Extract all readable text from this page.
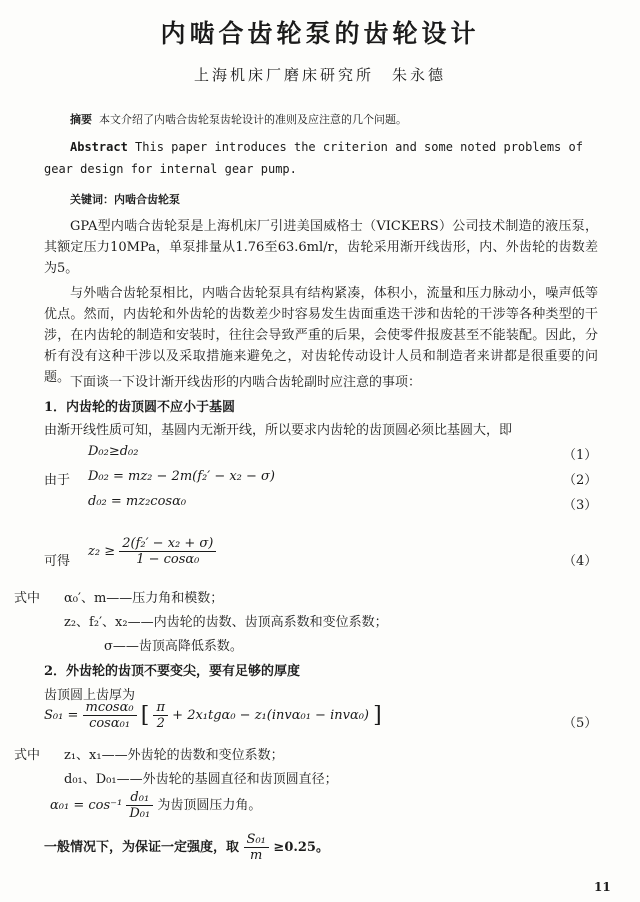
内啮合齿轮泵的齿轮设计
上海机床厂磨床研究所　朱永德
摘要 本文介绍了内啮合齿轮泵齿轮设计的准则及应注意的几个问题。
Abstract This paper introduces the criterion and some noted problems of
gear design for internal gear pump.
关键词：内啮合齿轮泵
GPA型内啮合齿轮泵是上海机床厂引进美国威格士（VICKERS）公司技术制造的液压泵，其额定压力10MPa，单泵排量从1.76至63.6ml/r，齿轮采用渐开线齿形，内、外齿轮的齿数差为5。
与外啮合齿轮泵相比，内啮合齿轮泵具有结构紧凑，体积小，流量和压力脉动小，噪声低等优点。然而，内齿轮和外齿轮的齿数差少时容易发生齿面重迭干涉和齿轮的干涉等各种类型的干涉，在内齿轮的制造和安装时，往往会导致严重的后果，会使零件报废甚至不能装配。因此，分析有没有这种干涉以及采取措施来避免之，对齿轮传动设计人员和制造者来讲都是很重要的问题。 下面谈一下设计渐开线齿形的内啮合齿轮副时应注意的事项：
1．内齿轮的齿顶圆不应小于基圆
由渐开线性质可知，基圆内无渐开线，所以要求内齿轮的齿顶圆必须比基圆大，即
D₀₂≥d₀₂	（1）
由于 D₀₂ = mz₂ − 2m(f₂′ − x₂ − σ)	（2）
d₀₂ = mz₂cosα₀	（3）
可得
$z_2 \ge \frac{\text{2(f₂′ − x₂ + σ)}}{\text{1 − cosα₀}}$	（4）
式中 α₀′、m——压力角和模数；
z₂、f₂′、x₂——内齿轮的齿数、齿顶高系数和变位系数；
σ——齿顶高降低系数。
2．外齿轮的齿顶不要变尖，要有足够的厚度
齿顶圆上齿厚为
$S_{01} = \frac{\text{mcosα₀}}{\text{cosα₀₁}}$ [ $\frac{\pi}{2} + 2x_1tg\alpha_0 - z_1(inv\alpha_{01} - inv\alpha_0)$ ]	（5）
式中 z₁、x₁——外齿轮的齿数和变位系数；
d₀₁、D₀₁——外齿轮的基圆直径和齿顶圆直径；
$\alpha_{01} = \cos^{-1} \frac{\text{d₀₁}}{\text{D₀₁}}$ 为齿顶圆压力角。
一般情况下，为保证一定强度，取 $\frac{\text{S₀₁}}{m} \ge 0.25$。
11
